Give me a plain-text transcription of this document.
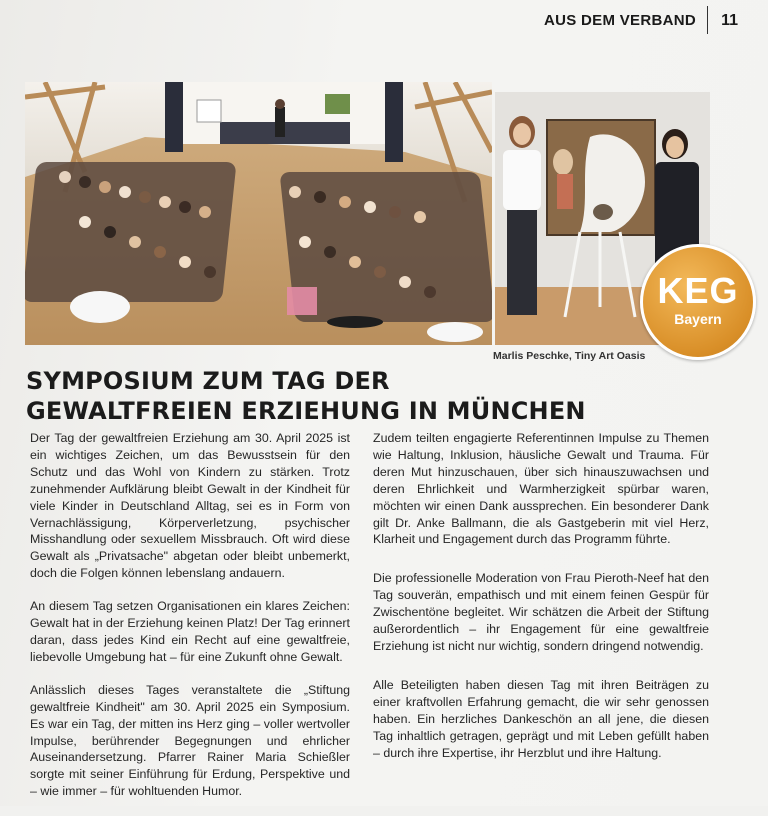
AUS DEM VERBAND 11
Marlis Peschke, Tiny Art Oasis
KEG
Bayern
SYMPOSIUM ZUM TAG DER
GEWALTFREIEN ERZIEHUNG IN MÜNCHEN

Der Tag der gewaltfreien Erziehung am 30. April 2025 ist ein wichtiges Zeichen, um das Bewusstsein für den Schutz und das Wohl von Kindern zu stärken. Trotz zunehmender Aufklärung bleibt Gewalt in der Kindheit für viele Kinder in Deutschland Alltag, sei es in Form von Vernachlässigung, Körperverletzung, psychischer Misshandlung oder sexuellem Missbrauch. Oft wird diese Gewalt als „Privatsache" abgetan oder bleibt unbemerkt, doch die Folgen können lebenslang andauern.

An diesem Tag setzen Organisationen ein klares Zeichen: Gewalt hat in der Erziehung keinen Platz! Der Tag erinnert daran, dass jedes Kind ein Recht auf eine gewaltfreie, liebevolle Umgebung hat – für eine Zukunft ohne Gewalt.

Anlässlich dieses Tages veranstaltete die „Stiftung gewaltfreie Kindheit" am 30. April 2025 ein Symposium. Es war ein Tag, der mitten ins Herz ging – voller wertvoller Impulse, berührender Begegnungen und ehrlicher Auseinandersetzung. Pfarrer Rainer Maria Schießler sorgte mit seiner Einführung für Erdung, Perspektive und – wie immer – für wohltuenden Humor.

Zudem teilten engagierte Referentinnen Impulse zu Themen wie Haltung, Inklusion, häusliche Gewalt und Trauma. Für deren Mut hinzuschauen, über sich hinauszuwachsen und deren Ehrlichkeit und Warmherzigkeit spürbar waren, möchten wir einen Dank aussprechen. Ein besonderer Dank gilt Dr. Anke Ballmann, die als Gastgeberin mit viel Herz, Klarheit und Engagement durch das Programm führte.

Die professionelle Moderation von Frau Pieroth-Neef hat den Tag souverän, empathisch und mit einem feinen Gespür für Zwischentöne begleitet. Wir schätzen die Arbeit der Stiftung außerordentlich – ihr Engagement für eine gewaltfreie Erziehung ist nicht nur wichtig, sondern dringend notwendig.

Alle Beteiligten haben diesen Tag mit ihren Beiträgen zu einer kraftvollen Erfahrung gemacht, die wir sehr genossen haben. Ein herzliches Dankeschön an all jene, die diesen Tag inhaltlich getragen, geprägt und mit Leben gefüllt haben – durch ihre Expertise, ihr Herzblut und ihre Haltung.
